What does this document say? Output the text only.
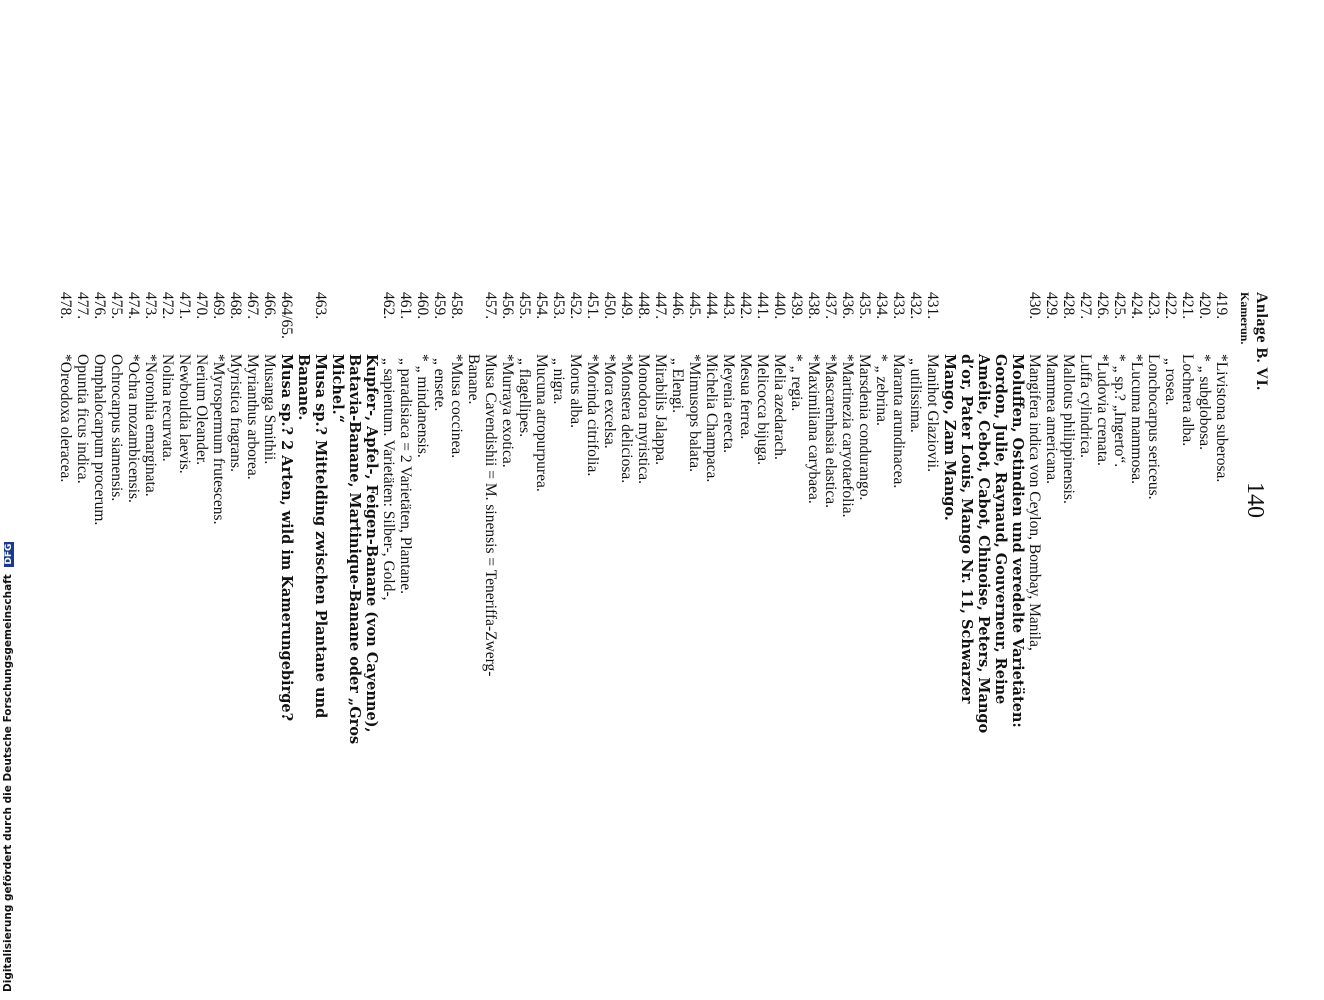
Anlage B. VI.
Kamerun.
140
419.*Livistona suberosa.
420.* „ subglobosa.
421.Lochnera alba.
422. „ rosea.
423.Lonchocarpus sericeus.
424.*Lucuma mammosa.
425.* „ sp.? „Ingerto“.
426.*Ludovia crenata.
427.Luffa cylindrica.
428.Mallotus philippinensis.
429.Mammea americana.
430.Mangifera indica von Ceylon, Bombay, Manila,
Moluffen, Ostindien und veredelte Varietäten:
Gordon, Julie, Raynaud, Gouverneur, Reine
Amélie, Cebot, Cabot, Chinoise, Peters, Mango
d’or, Pater Louis, Mango Nr. 11, Schwarzer
Mango, Zam Mango.
431.Manihot Glaziovii.
432. „ utilissima.
433.Maranta arundinacea.
434.* „ zebrina.
435.Marsdenia condurango.
436.*Martinezia caryotaefolia.
437.*Mascarenhasia elastica.
438.*Maximiliana carybaea.
439.* „ regia.
440.Melia azedarach.
441.Melicocca bijuga.
442.Mesua ferrea.
443.Meyenia erecta.
444.Michelia Champaca.
445.*Mimusops balata.
446. „ Elengi.
447.Mirabilis Jalappa.
448.Monodora myristica.
449.*Monstera deliciosa.
450.*Mora excelsa.
451.*Morinda citrifolia.
452.Morus alba.
453. „ nigra.
454.Mucuna atropurpurea.
455. „ flagellipes.
456.*Murraya exotica.
457.Musa Cavendishii = M. sinensis = Teneriffa-Zwerg-
Banane.
458.*Musa coccinea.
459. „ ensete.
460.* „ mindanensis.
461. „ paradisiaca = 2 Varietäten, Plantane.
462. „ sapientum. Varietäten: Silber-, Gold-,
Kupfer-, Apfel-, Feigen-Banane (von Cayenne),
Batavia-Banane, Martinique-Banane oder „Gros
Michel.“
463.Musa sp.? Mittelding zwischen Plantane und
Banane.
464/65.Musa sp.? 2 Arten, wild im Kamerungebirge?
466.Musanga Smithii.
467.Myrianthus arborea.
468.Myristica fragrans.
469.*Myrospermum frutescens.
470.Nerium Oleander.
471.Newbouldia laevis.
472.Nolina recurvata.
473.*Noronhia emarginata.
474.*Ochra mozambicensis.
475.Ochrocarpus siamensis.
476.Omphalocarpum procerum.
477.Opuntia ficus indica.
478.*Oreodoxa oleracea.
Digitalisierung gefördert durch die Deutsche Forschungsgemeinschaft DFG
